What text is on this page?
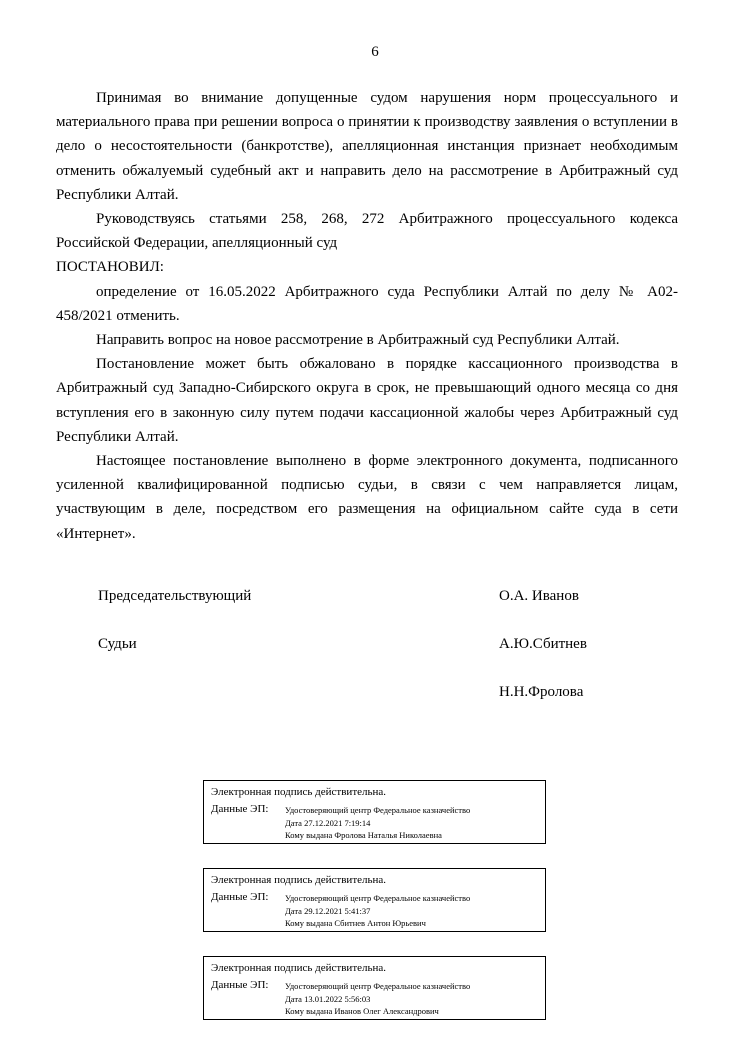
6

Принимая во внимание допущенные судом нарушения норм процессуального и материального права при решении вопроса о принятии к производству заявления о вступлении в дело о несостоятельности (банкротстве), апелляционная инстанция признает необходимым отменить обжалуемый судебный акт и направить дело на рассмотрение в Арбитражный суд Республики Алтай.

Руководствуясь статьями 258, 268, 272 Арбитражного процессуального кодекса Российской Федерации, апелляционный суд

ПОСТАНОВИЛ:

определение от 16.05.2022 Арбитражного суда Республики Алтай по делу № А02-458/2021 отменить.

Направить вопрос на новое рассмотрение в Арбитражный суд Республики Алтай.

Постановление может быть обжаловано в порядке кассационного производства в Арбитражный суд Западно-Сибирского округа в срок, не превышающий одного месяца со дня вступления его в законную силу путем подачи кассационной жалобы через Арбитражный суд Республики Алтай.

Настоящее постановление выполнено в форме электронного документа, подписанного усиленной квалифицированной подписью судьи, в связи с чем направляется лицам, участвующим в деле, посредством его размещения на официальном сайте суда в сети «Интернет».

Председательствующий	О.А. Иванов
Судьи	А.Ю.Сбитнев
Н.Н.Фролова
Электронная подпись действительна.
Данные ЭП: Удостоверяющий центр Федеральное казначейство
Дата 27.12.2021 7:19:14
Кому выдана Фролова Наталья Николаевна
Электронная подпись действительна.
Данные ЭП: Удостоверяющий центр Федеральное казначейство
Дата 29.12.2021 5:41:37
Кому выдана Сбитнев Антон Юрьевич
Электронная подпись действительна.
Данные ЭП: Удостоверяющий центр Федеральное казначейство
Дата 13.01.2022 5:56:03
Кому выдана Иванов Олег Александрович
